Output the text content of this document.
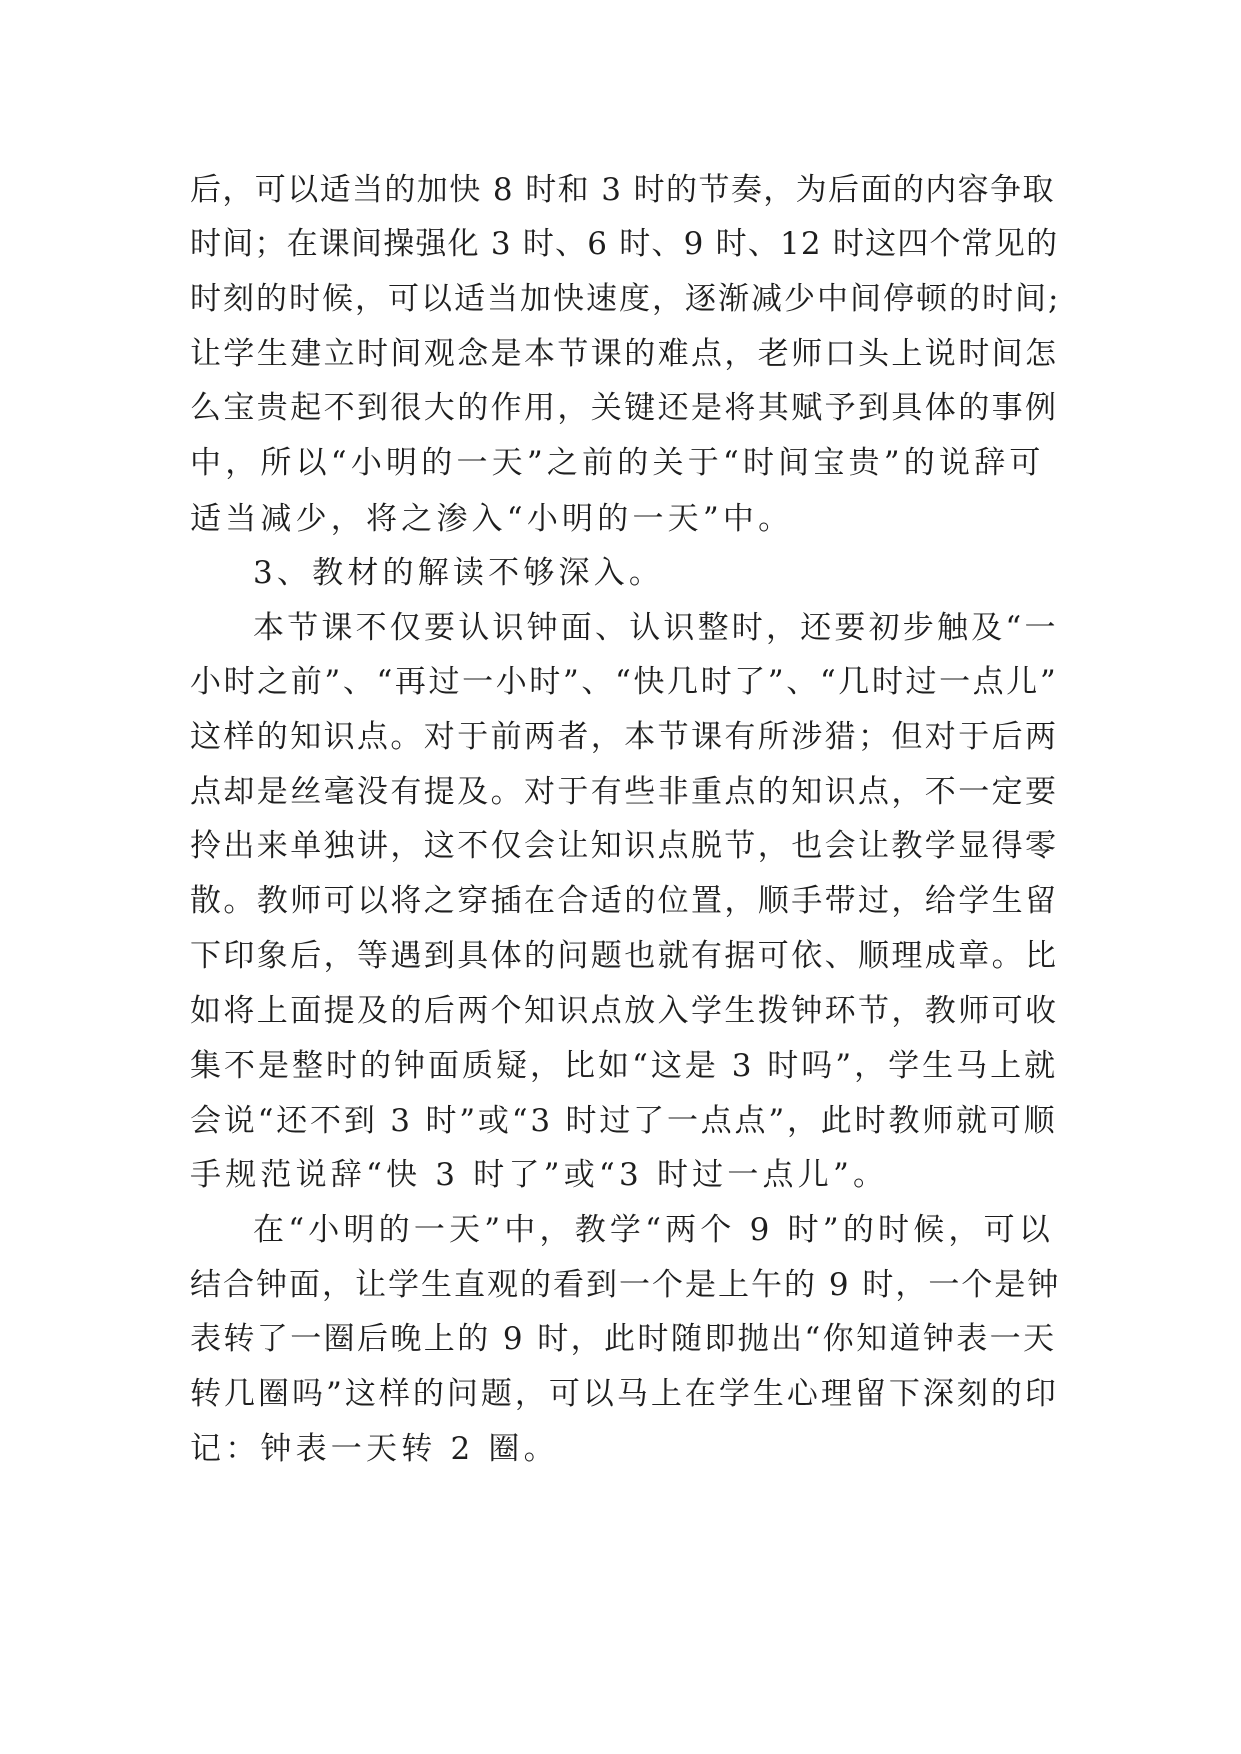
后，可以适当的加快 8 时和 3 时的节奏，为后面的内容争取
时间；在课间操强化 3 时、6 时、9 时、12 时这四个常见的
时刻的时候，可以适当加快速度，逐渐减少中间停顿的时间;
让学生建立时间观念是本节课的难点，老师口头上说时间怎
么宝贵起不到很大的作用，关键还是将其赋予到具体的事例
中，所以“小明的一天”之前的关于“时间宝贵”的说辞可
适当减少，将之渗入“小明的一天”中。
3、教材的解读不够深入。
本节课不仅要认识钟面、认识整时，还要初步触及“一
小时之前”、“再过一小时”、“快几时了”、“几时过一点儿”
这样的知识点。对于前两者，本节课有所涉猎；但对于后两
点却是丝毫没有提及。对于有些非重点的知识点，不一定要
拎出来单独讲，这不仅会让知识点脱节，也会让教学显得零
散。教师可以将之穿插在合适的位置，顺手带过，给学生留
下印象后，等遇到具体的问题也就有据可依、顺理成章。比
如将上面提及的后两个知识点放入学生拨钟环节，教师可收
集不是整时的钟面质疑，比如“这是 3 时吗”，学生马上就
会说“还不到 3 时”或“3 时过了一点点”，此时教师就可顺
手规范说辞“快 3 时了”或“3 时过一点儿”。
在“小明的一天”中，教学“两个 9 时”的时候，可以
结合钟面，让学生直观的看到一个是上午的 9 时，一个是钟
表转了一圈后晚上的 9 时，此时随即抛出“你知道钟表一天
转几圈吗”这样的问题，可以马上在学生心理留下深刻的印
记：钟表一天转 2 圈。
